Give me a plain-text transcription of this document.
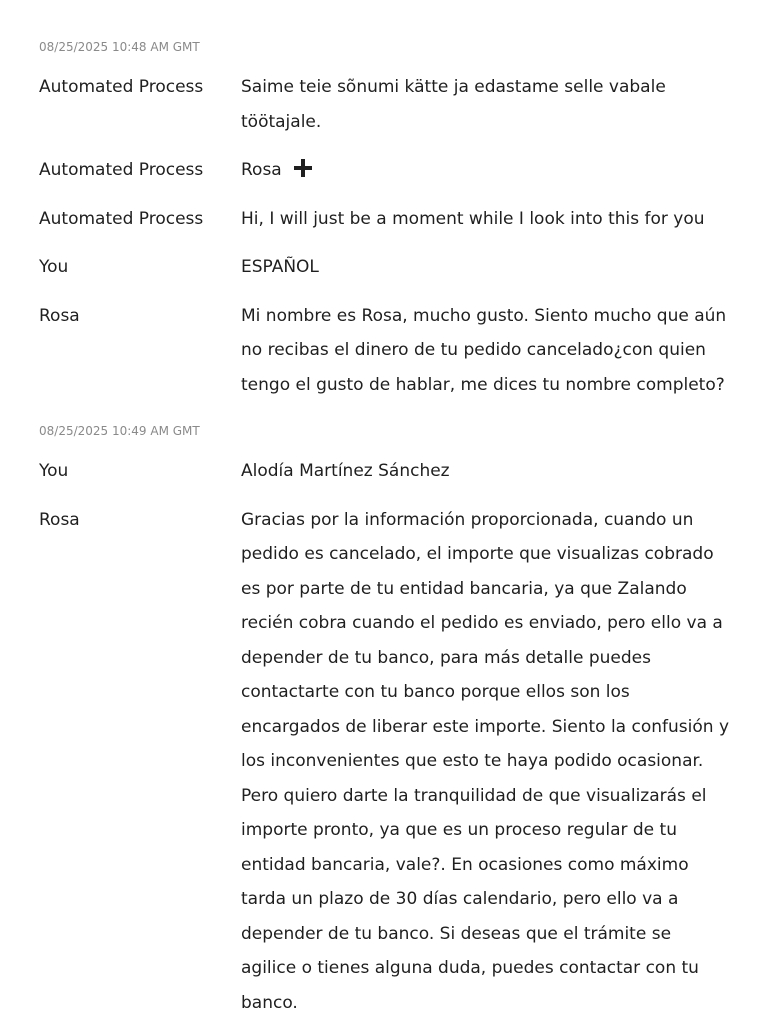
08/25/2025 10:48 AM GMT
Automated Process	Saime teie sõnumi kätte ja edastame selle vabale töötajale.
Automated Process	Rosa
Automated Process	Hi, I will just be a moment while I look into this for you
You	ESPAÑOL
Rosa	Mi nombre es Rosa, mucho gusto. Siento mucho que aún no recibas el dinero de tu pedido cancelado¿con quien tengo el gusto de hablar, me dices tu nombre completo?
08/25/2025 10:49 AM GMT
You	Alodía Martínez Sánchez
Rosa	Gracias por la información proporcionada, cuando un pedido es cancelado, el importe que visualizas cobrado es por parte de tu entidad bancaria, ya que Zalando recién cobra cuando el pedido es enviado, pero ello va a depender de tu banco, para más detalle puedes contactarte con tu banco porque ellos son los encargados de liberar este importe. Siento la confusión y los inconvenientes que esto te haya podido ocasionar. Pero quiero darte la tranquilidad de que visualizarás el importe pronto, ya que es un proceso regular de tu entidad bancaria, vale?. En ocasiones como máximo tarda un plazo de 30 días calendario, pero ello va a depender de tu banco. Si deseas que el trámite se agilice o tienes alguna duda, puedes contactar con tu banco.
